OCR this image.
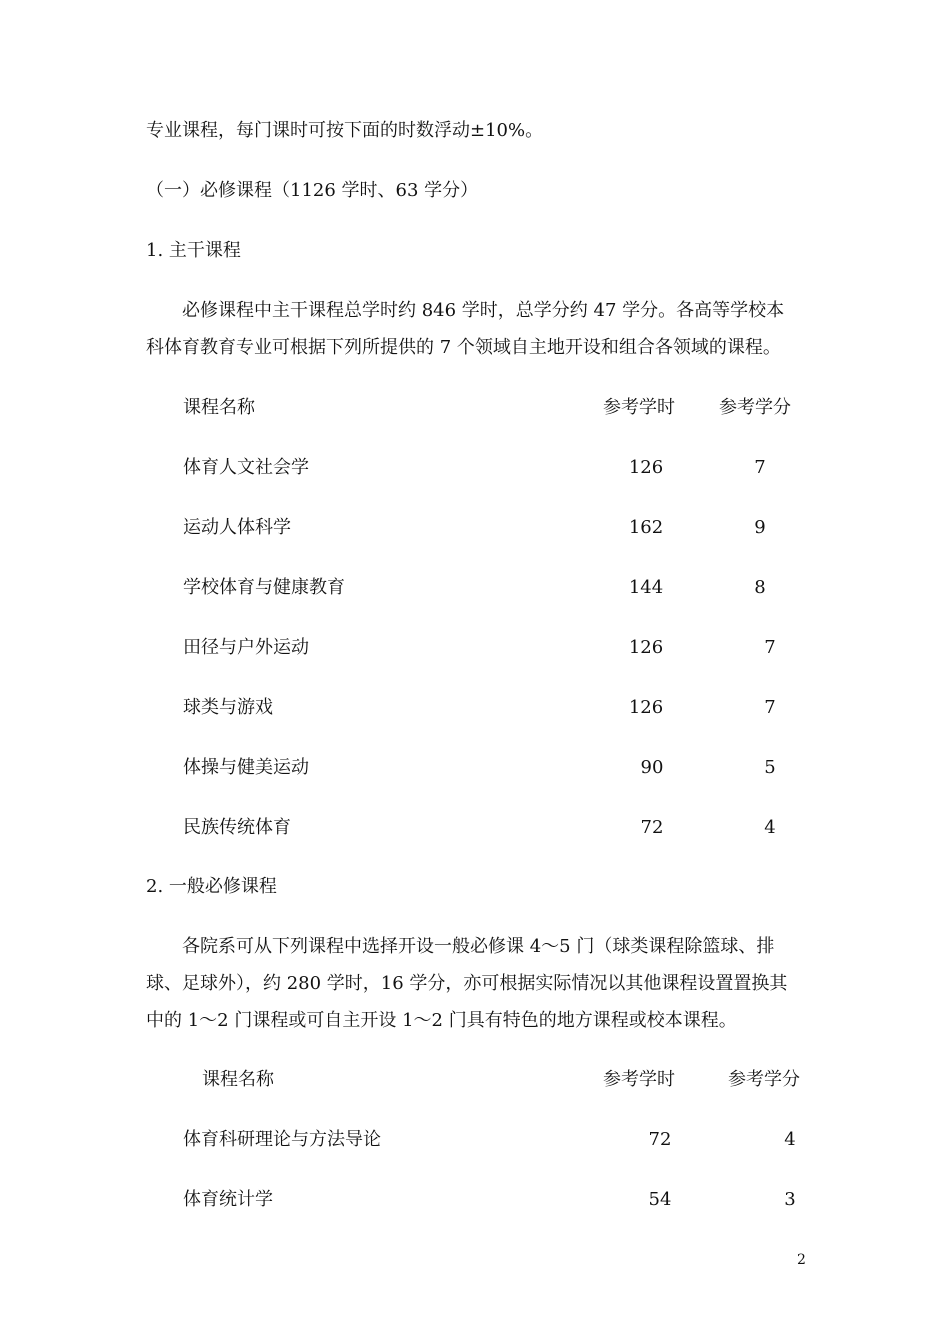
专业课程，每门课时可按下面的时数浮动±10%。
（一）必修课程（1126 学时、63 学分）
1. 主干课程
必修课程中主干课程总学时约 846 学时，总学分约 47 学分。各高等学校本
科体育教育专业可根据下列所提供的 7 个领域自主地开设和组合各领域的课程。
课程名称	参考学时 参考学分
体育人文社会学	126	7
运动人体科学	162	9
学校体育与健康教育	144	8
田径与户外运动	126	7
球类与游戏	126	7
体操与健美运动	90	5
民族传统体育	72	4
2. 一般必修课程
各院系可从下列课程中选择开设一般必修课 4～5 门（球类课程除篮球、排
球、足球外），约 280 学时，16 学分，亦可根据实际情况以其他课程设置置换其
中的 1～2 门课程或可自主开设 1～2 门具有特色的地方课程或校本课程。
课程名称	参考学时	参考学分
体育科研理论与方法导论	72	4
体育统计学	54	3
2
